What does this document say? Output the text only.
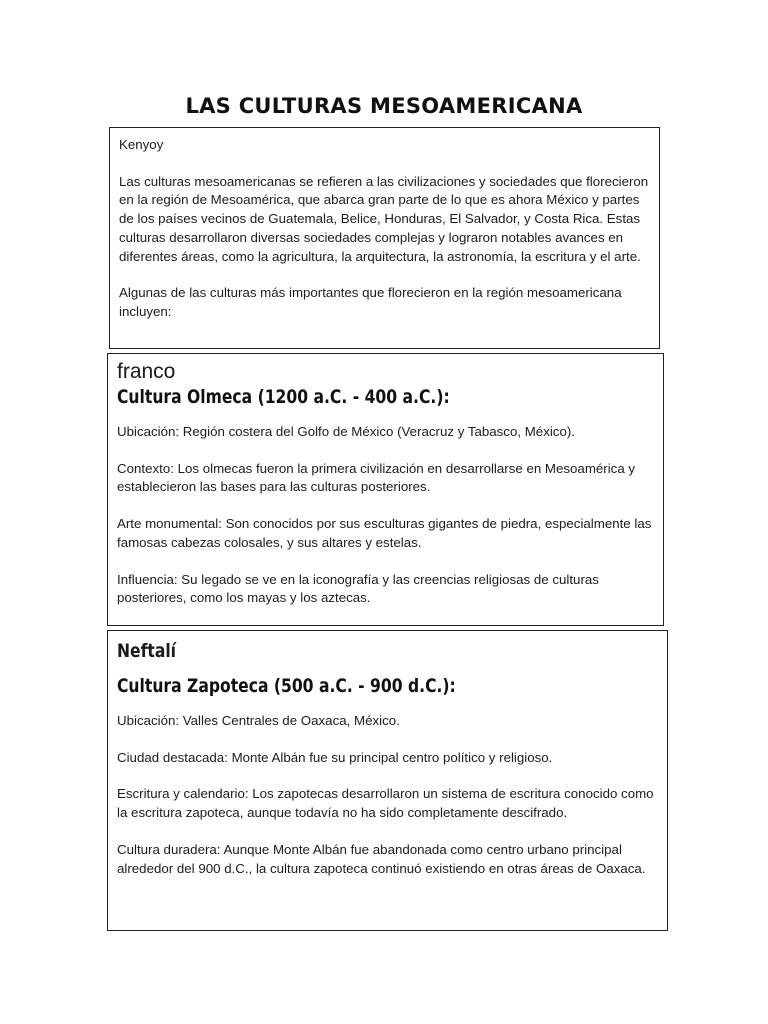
LAS CULTURAS MESOAMERICANA

Kenyoy

Las culturas mesoamericanas se refieren a las civilizaciones y sociedades que florecieron en la región de Mesoamérica, que abarca gran parte de lo que es ahora México y partes de los países vecinos de Guatemala, Belice, Honduras, El Salvador, y Costa Rica. Estas culturas desarrollaron diversas sociedades complejas y lograron notables avances en diferentes áreas, como la agricultura, la arquitectura, la astronomía, la escritura y el arte.

Algunas de las culturas más importantes que florecieron en la región mesoamericana incluyen:

franco

Cultura Olmeca (1200 a.C. - 400 a.C.):

Ubicación: Región costera del Golfo de México (Veracruz y Tabasco, México).

Contexto: Los olmecas fueron la primera civilización en desarrollarse en Mesoamérica y establecieron las bases para las culturas posteriores.

Arte monumental: Son conocidos por sus esculturas gigantes de piedra, especialmente las famosas cabezas colosales, y sus altares y estelas.

Influencia: Su legado se ve en la iconografía y las creencias religiosas de culturas posteriores, como los mayas y los aztecas.

Neftalí

Cultura Zapoteca (500 a.C. - 900 d.C.):

Ubicación: Valles Centrales de Oaxaca, México.

Ciudad destacada: Monte Albán fue su principal centro político y religioso.

Escritura y calendario: Los zapotecas desarrollaron un sistema de escritura conocido como la escritura zapoteca, aunque todavía no ha sido completamente descifrado.

Cultura duradera: Aunque Monte Albán fue abandonada como centro urbano principal alrededor del 900 d.C., la cultura zapoteca continuó existiendo en otras áreas de Oaxaca.
